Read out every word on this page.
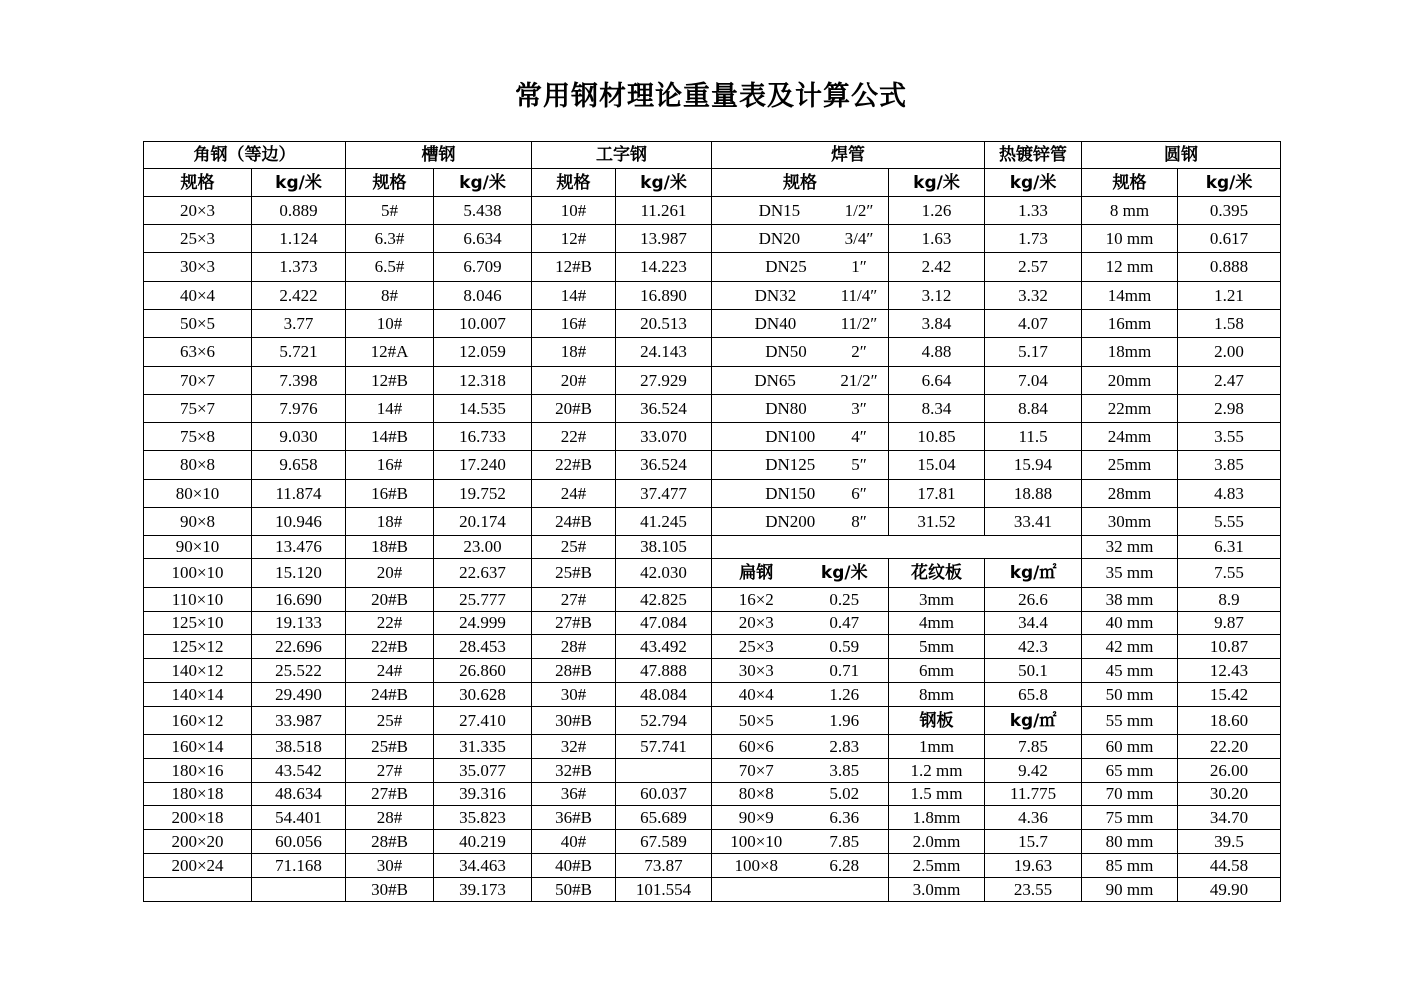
常用钢材理论重量表及计算公式
角钢（等边）		槽钢		工字钢		焊管			热镀锌管	圆钢	
规格	kg/米	规格	kg/米	规格	kg/米	规格		kg/米	kg/米	规格	kg/米
20×3	0.889	5#	5.438	10#	11.261	DN15 1/2″		1.26	1.33	8 mm	0.395
25×3	1.124	6.3#	6.634	12#	13.987	DN20 3/4″		1.63	1.73	10 mm	0.617
30×3	1.373	6.5#	6.709	12#B	14.223	DN25 1″		2.42	2.57	12 mm	0.888
40×4	2.422	8#	8.046	14#	16.890	DN32 11/4″		3.12	3.32	14mm	1.21
50×5	3.77	10#	10.007	16#	20.513	DN40 11/2″		3.84	4.07	16mm	1.58
63×6	5.721	12#A	12.059	18#	24.143	DN50 2″		4.88	5.17	18mm	2.00
70×7	7.398	12#B	12.318	20#	27.929	DN65 21/2″		6.64	7.04	20mm	2.47
75×7	7.976	14#	14.535	20#B	36.524	DN80 3″		8.34	8.84	22mm	2.98
75×8	9.030	14#B	16.733	22#	33.070	DN100 4″		10.85	11.5	24mm	3.55
80×8	9.658	16#	17.240	22#B	36.524	DN125 5″		15.04	15.94	25mm	3.85
80×10	11.874	16#B	19.752	24#	37.477	DN150 6″		17.81	18.88	28mm	4.83
90×8	10.946	18#	20.174	24#B	41.245	DN200 8″		31.52	33.41	30mm	5.55
90×10	13.476	18#B	23.00	25#	38.105					32 mm	6.31
100×10	15.120	20#	22.637	25#B	42.030	扁钢	kg/米	花纹板	kg/㎡	35 mm	7.55
110×10	16.690	20#B	25.777	27#	42.825	16×2	0.25	3mm	26.6	38 mm	8.9
125×10	19.133	22#	24.999	27#B	47.084	20×3	0.47	4mm	34.4	40 mm	9.87
125×12	22.696	22#B	28.453	28#	43.492	25×3	0.59	5mm	42.3	42 mm	10.87
140×12	25.522	24#	26.860	28#B	47.888	30×3	0.71	6mm	50.1	45 mm	12.43
140×14	29.490	24#B	30.628	30#	48.084	40×4	1.26	8mm	65.8	50 mm	15.42
160×12	33.987	25#	27.410	30#B	52.794	50×5	1.96	钢板	kg/㎡	55 mm	18.60
160×14	38.518	25#B	31.335	32#	57.741	60×6	2.83	1mm	7.85	60 mm	22.20
180×16	43.542	27#	35.077	32#B		70×7	3.85	1.2 mm	9.42	65 mm	26.00
180×18	48.634	27#B	39.316	36#	60.037	80×8	5.02	1.5 mm	11.775	70 mm	30.20
200×18	54.401	28#	35.823	36#B	65.689	90×9	6.36	1.8mm	4.36	75 mm	34.70
200×20	60.056	28#B	40.219	40#	67.589	100×10	7.85	2.0mm	15.7	80 mm	39.5
200×24	71.168	30#	34.463	40#B	73.87	100×8	6.28	2.5mm	19.63	85 mm	44.58
		30#B	39.173	50#B	101.554			3.0mm	23.55	90 mm	49.90
